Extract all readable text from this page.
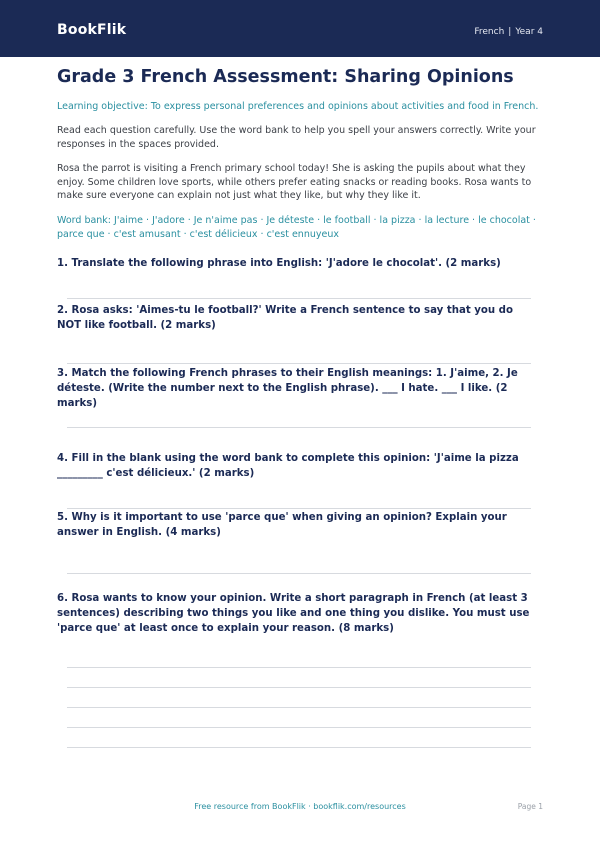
BookFlik	French | Year 4
Grade 3 French Assessment: Sharing Opinions
Learning objective: To express personal preferences and opinions about activities and food in French.
Read each question carefully. Use the word bank to help you spell your answers correctly. Write your responses in the spaces provided.
Rosa the parrot is visiting a French primary school today! She is asking the pupils about what they enjoy. Some children love sports, while others prefer eating snacks or reading books. Rosa wants to make sure everyone can explain not just what they like, but why they like it.
Word bank: J'aime · J'adore · Je n'aime pas · Je déteste · le football · la pizza · la lecture · le chocolat · parce que · c'est amusant · c'est délicieux · c'est ennuyeux
1. Translate the following phrase into English: 'J'adore le chocolat'. (2 marks)
2. Rosa asks: 'Aimes-tu le football?' Write a French sentence to say that you do NOT like football. (2 marks)
3. Match the following French phrases to their English meanings: 1. J'aime, 2. Je déteste. (Write the number next to the English phrase). ___ I hate. ___ I like. (2 marks)
4. Fill in the blank using the word bank to complete this opinion: 'J'aime la pizza _________ c'est délicieux.' (2 marks)
5. Why is it important to use 'parce que' when giving an opinion? Explain your answer in English. (4 marks)
6. Rosa wants to know your opinion. Write a short paragraph in French (at least 3 sentences) describing two things you like and one thing you dislike. You must use 'parce que' at least once to explain your reason. (8 marks)
Free resource from BookFlik · bookflik.com/resources	Page 1
